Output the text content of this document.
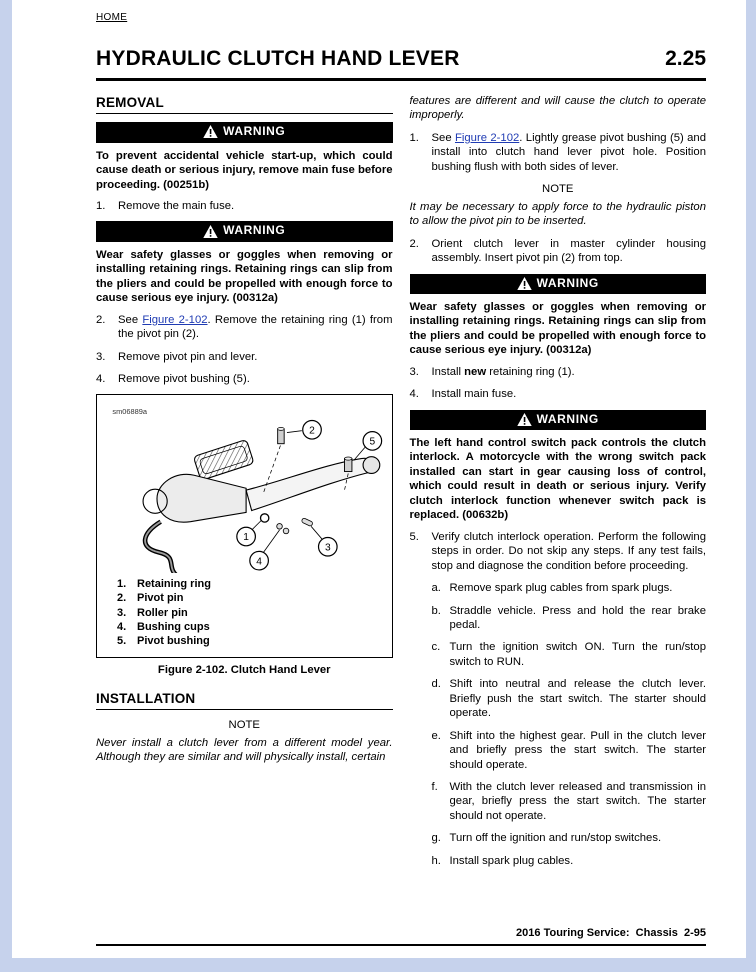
HOME
HYDRAULIC CLUTCH HAND LEVER	2.25
REMOVAL
WARNING

To prevent accidental vehicle start-up, which could cause death or serious injury, remove main fuse before proceeding. (00251b)

1.	Remove the main fuse.
WARNING

Wear safety glasses or goggles when removing or installing retaining rings. Retaining rings can slip from the pliers and could be propelled with enough force to cause serious eye injury. (00312a)

2.	See Figure 2-102. Remove the retaining ring (1) from the pivot pin (2).
3.	Remove pivot pin and lever.
4.	Remove pivot bushing (5).
sm06889a
2
5
1
4
3
1. Retaining ring
2. Pivot pin
3. Roller pin
4. Bushing cups
5. Pivot bushing
Figure 2-102. Clutch Hand Lever
INSTALLATION
NOTE

Never install a clutch lever from a different model year. Although they are similar and will physically install, certain

features are different and will cause the clutch to operate improperly.

1.	See Figure 2-102. Lightly grease pivot bushing (5) and install into clutch hand lever pivot hole. Position bushing flush with both sides of lever.
NOTE

It may be necessary to apply force to the hydraulic piston to allow the pivot pin to be inserted.

2.	Orient clutch lever in master cylinder housing assembly. Insert pivot pin (2) from top.
WARNING

Wear safety glasses or goggles when removing or installing retaining rings. Retaining rings can slip from the pliers and could be propelled with enough force to cause serious eye injury. (00312a)

3.	Install new retaining ring (1).
4.	Install main fuse.
WARNING

The left hand control switch pack controls the clutch interlock. A motorcycle with the wrong switch pack installed can start in gear causing loss of control, which could result in death or serious injury. Verify clutch interlock function whenever switch pack is replaced. (00632b)

5.	Verify clutch interlock operation. Perform the following steps in order. Do not skip any steps. If any test fails, stop and diagnose the condition before proceeding.
a. Remove spark plug cables from spark plugs.
b. Straddle vehicle. Press and hold the rear brake pedal.
c. Turn the ignition switch ON. Turn the run/stop switch to RUN.
d. Shift into neutral and release the clutch lever. Briefly push the start switch. The starter should operate.
e. Shift into the highest gear. Pull in the clutch lever and briefly press the start switch. The starter should operate.
f.	With the clutch lever released and transmission in gear, briefly press the start switch. The starter should not operate.
g. Turn off the ignition and run/stop switches.
h. Install spark plug cables.
2016 Touring Service:  Chassis  2-95
